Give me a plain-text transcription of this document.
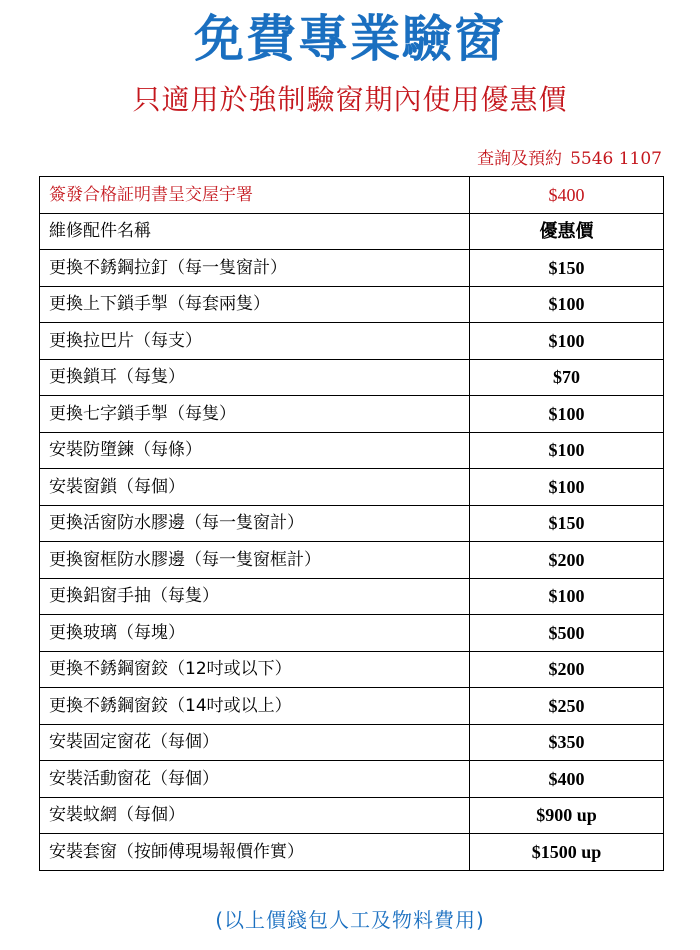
免費專業驗窗
只適用於強制驗窗期內使用優惠價
查詢及預約 5546 1107
簽發合格証明書呈交屋宇署	$400
維修配件名稱	優惠價
更換不銹鋼拉釘（每一隻窗計）	$150
更換上下鎖手掣（每套兩隻）	$100
更換拉巴片（每支）	$100
更換鎖耳（每隻）	$70
更換七字鎖手掣（每隻）	$100
安裝防墮鍊（每條）	$100
安裝窗鎖（每個）	$100
更換活窗防水膠邊（每一隻窗計）	$150
更換窗框防水膠邊（每一隻窗框計）	$200
更換鋁窗手抽（每隻）	$100
更換玻璃（每塊）	$500
更換不銹鋼窗鉸（12吋或以下）	$200
更換不銹鋼窗鉸（14吋或以上）	$250
安裝固定窗花（每個）	$350
安裝活動窗花（每個）	$400
安裝蚊網（每個）	$900 up
安裝套窗（按師傅現場報價作實）	$1500 up
(以上價錢包人工及物料費用)
